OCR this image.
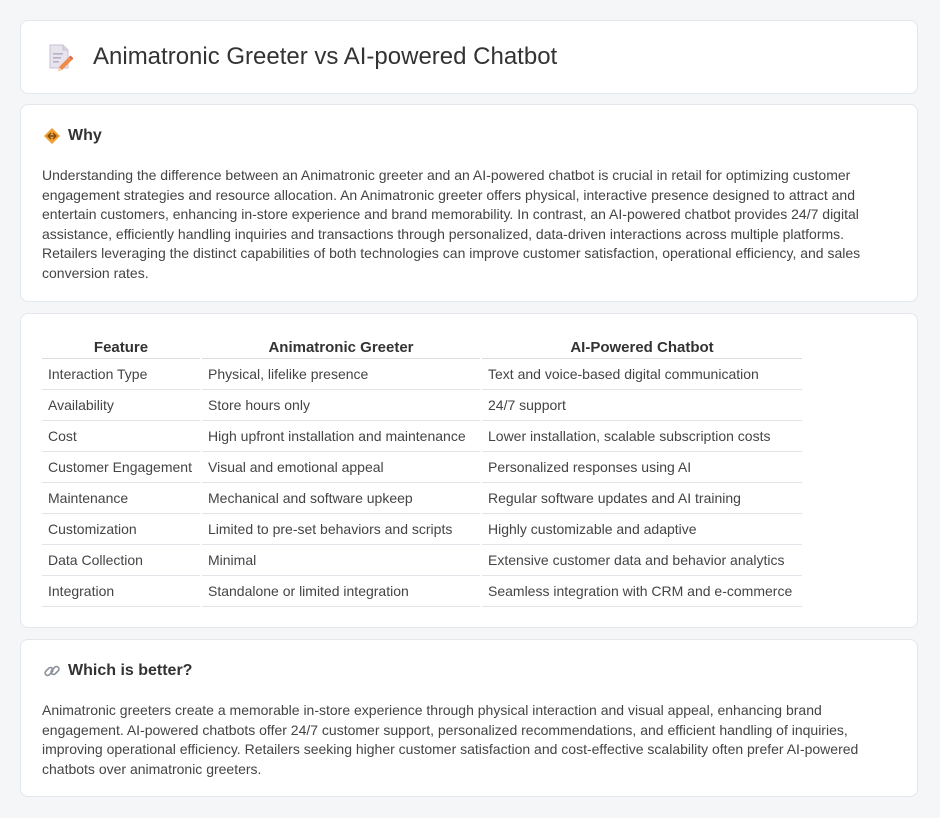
Animatronic Greeter vs AI-powered Chatbot
Why
Understanding the difference between an Animatronic greeter and an AI-powered chatbot is crucial in retail for optimizing customer engagement strategies and resource allocation. An Animatronic greeter offers physical, interactive presence designed to attract and entertain customers, enhancing in-store experience and brand memorability. In contrast, an AI-powered chatbot provides 24/7 digital assistance, efficiently handling inquiries and transactions through personalized, data-driven interactions across multiple platforms. Retailers leveraging the distinct capabilities of both technologies can improve customer satisfaction, operational efficiency, and sales conversion rates.
Feature	Animatronic Greeter	AI-Powered Chatbot
Interaction Type	Physical, lifelike presence	Text and voice-based digital communication
Availability	Store hours only	24/7 support
Cost	High upfront installation and maintenance	Lower installation, scalable subscription costs
Customer Engagement	Visual and emotional appeal	Personalized responses using AI
Maintenance	Mechanical and software upkeep	Regular software updates and AI training
Customization	Limited to pre-set behaviors and scripts	Highly customizable and adaptive
Data Collection	Minimal	Extensive customer data and behavior analytics
Integration	Standalone or limited integration	Seamless integration with CRM and e-commerce
Which is better?
Animatronic greeters create a memorable in-store experience through physical interaction and visual appeal, enhancing brand engagement. AI-powered chatbots offer 24/7 customer support, personalized recommendations, and efficient handling of inquiries, improving operational efficiency. Retailers seeking higher customer satisfaction and cost-effective scalability often prefer AI-powered chatbots over animatronic greeters.
